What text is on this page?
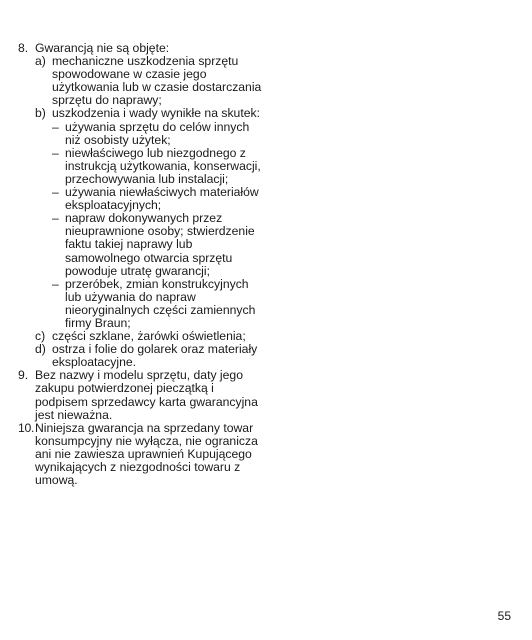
8. Gwarancją nie są objęte:
a) mechaniczne uszkodzenia sprzętu
spowodowane w czasie jego
użytkowania lub w czasie dostarczania
sprzętu do naprawy;
b) uszkodzenia i wady wynikłe na skutek:
– używania sprzętu do celów innych
niż osobisty użytek;
– niewłaściwego lub niezgodnego z
instrukcją użytkowania, konserwacji,
przechowywania lub instalacji;
– używania niewłaściwych materiałów
eksploatacyjnych;
– napraw dokonywanych przez
nieuprawnione osoby; stwierdzenie
faktu takiej naprawy lub
samowolnego otwarcia sprzętu
powoduje utratę gwarancji;
– przeróbek, zmian konstrukcyjnych
lub używania do napraw
nieoryginalnych części zamiennych
firmy Braun;
c) części szklane, żarówki oświetlenia;
d) ostrza i folie do golarek oraz materiały
eksploatacyjne.
9. Bez nazwy i modelu sprzętu, daty jego
zakupu potwierdzonej pieczątką i
podpisem sprzedawcy karta gwarancyjna
jest nieważna.
10. Niniejsza gwarancja na sprzedany towar
konsumpcyjny nie wyłącza, nie ogranicza
ani nie zawiesza uprawnień Kupującego
wynikających z niezgodności towaru z
umową.
55
